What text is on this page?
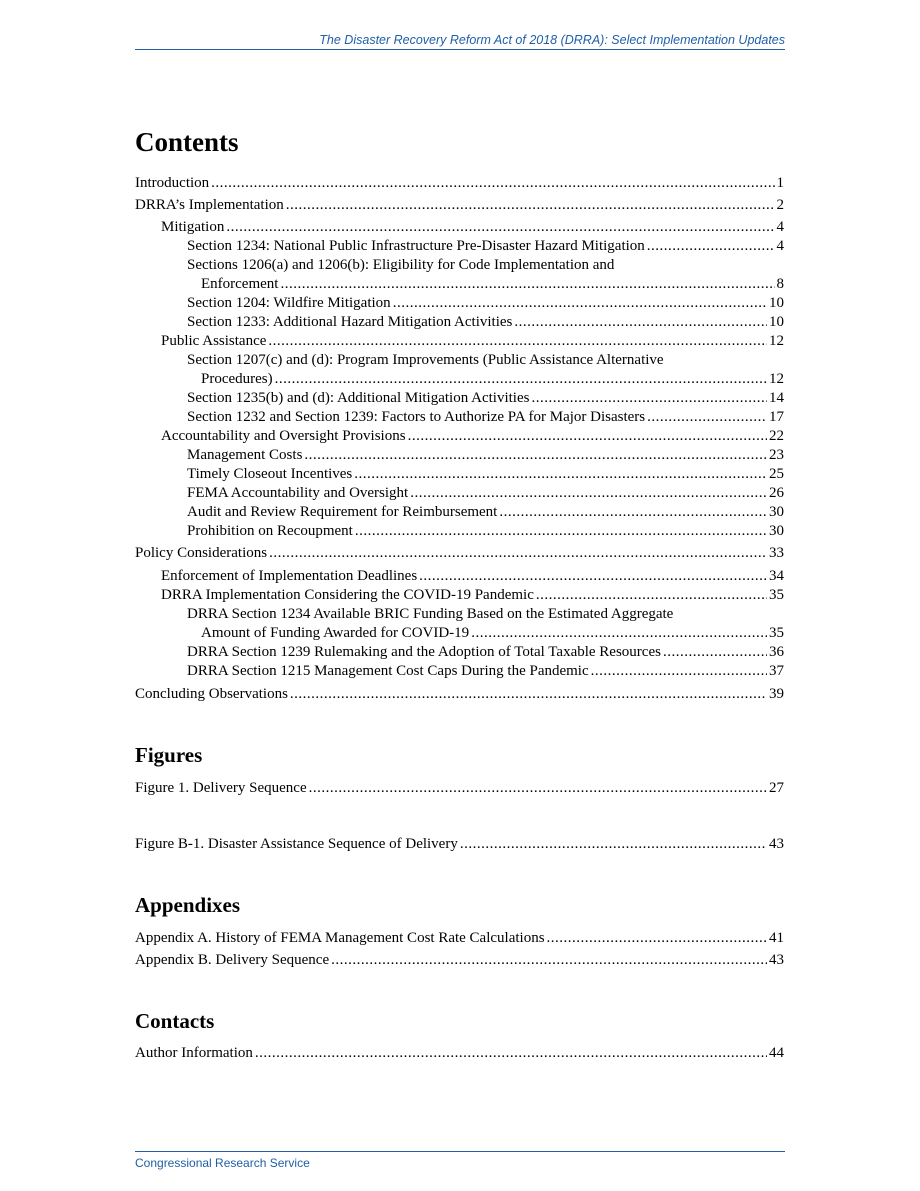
The Disaster Recovery Reform Act of 2018 (DRRA): Select Implementation Updates
Contents
Introduction .....	1
DRRA’s Implementation .....	2
Mitigation .....	4
Section 1234: National Public Infrastructure Pre-Disaster Hazard Mitigation .....	4
Sections 1206(a) and 1206(b): Eligibility for Code Implementation and
Enforcement .....	8
Section 1204: Wildfire Mitigation .....	10
Section 1233: Additional Hazard Mitigation Activities .....	10
Public Assistance .....	12
Section 1207(c) and (d): Program Improvements (Public Assistance Alternative
Procedures) .....	12
Section 1235(b) and (d): Additional Mitigation Activities .....	14
Section 1232 and Section 1239: Factors to Authorize PA for Major Disasters .....	17
Accountability and Oversight Provisions .....	22
Management Costs .....	23
Timely Closeout Incentives .....	25
FEMA Accountability and Oversight .....	26
Audit and Review Requirement for Reimbursement .....	30
Prohibition on Recoupment .....	30
Policy Considerations .....	33
Enforcement of Implementation Deadlines .....	34
DRRA Implementation Considering the COVID-19 Pandemic .....	35
DRRA Section 1234 Available BRIC Funding Based on the Estimated Aggregate
Amount of Funding Awarded for COVID-19 .....	35
DRRA Section 1239 Rulemaking and the Adoption of Total Taxable Resources .....	36
DRRA Section 1215 Management Cost Caps During the Pandemic .....	37
Concluding Observations .....	39
Figures
Figure 1. Delivery Sequence .....	27
Figure B-1. Disaster Assistance Sequence of Delivery .....	43
Appendixes
Appendix A. History of FEMA Management Cost Rate Calculations .....	41
Appendix B. Delivery Sequence .....	43
Contacts
Author Information .....	44
Congressional Research Service
